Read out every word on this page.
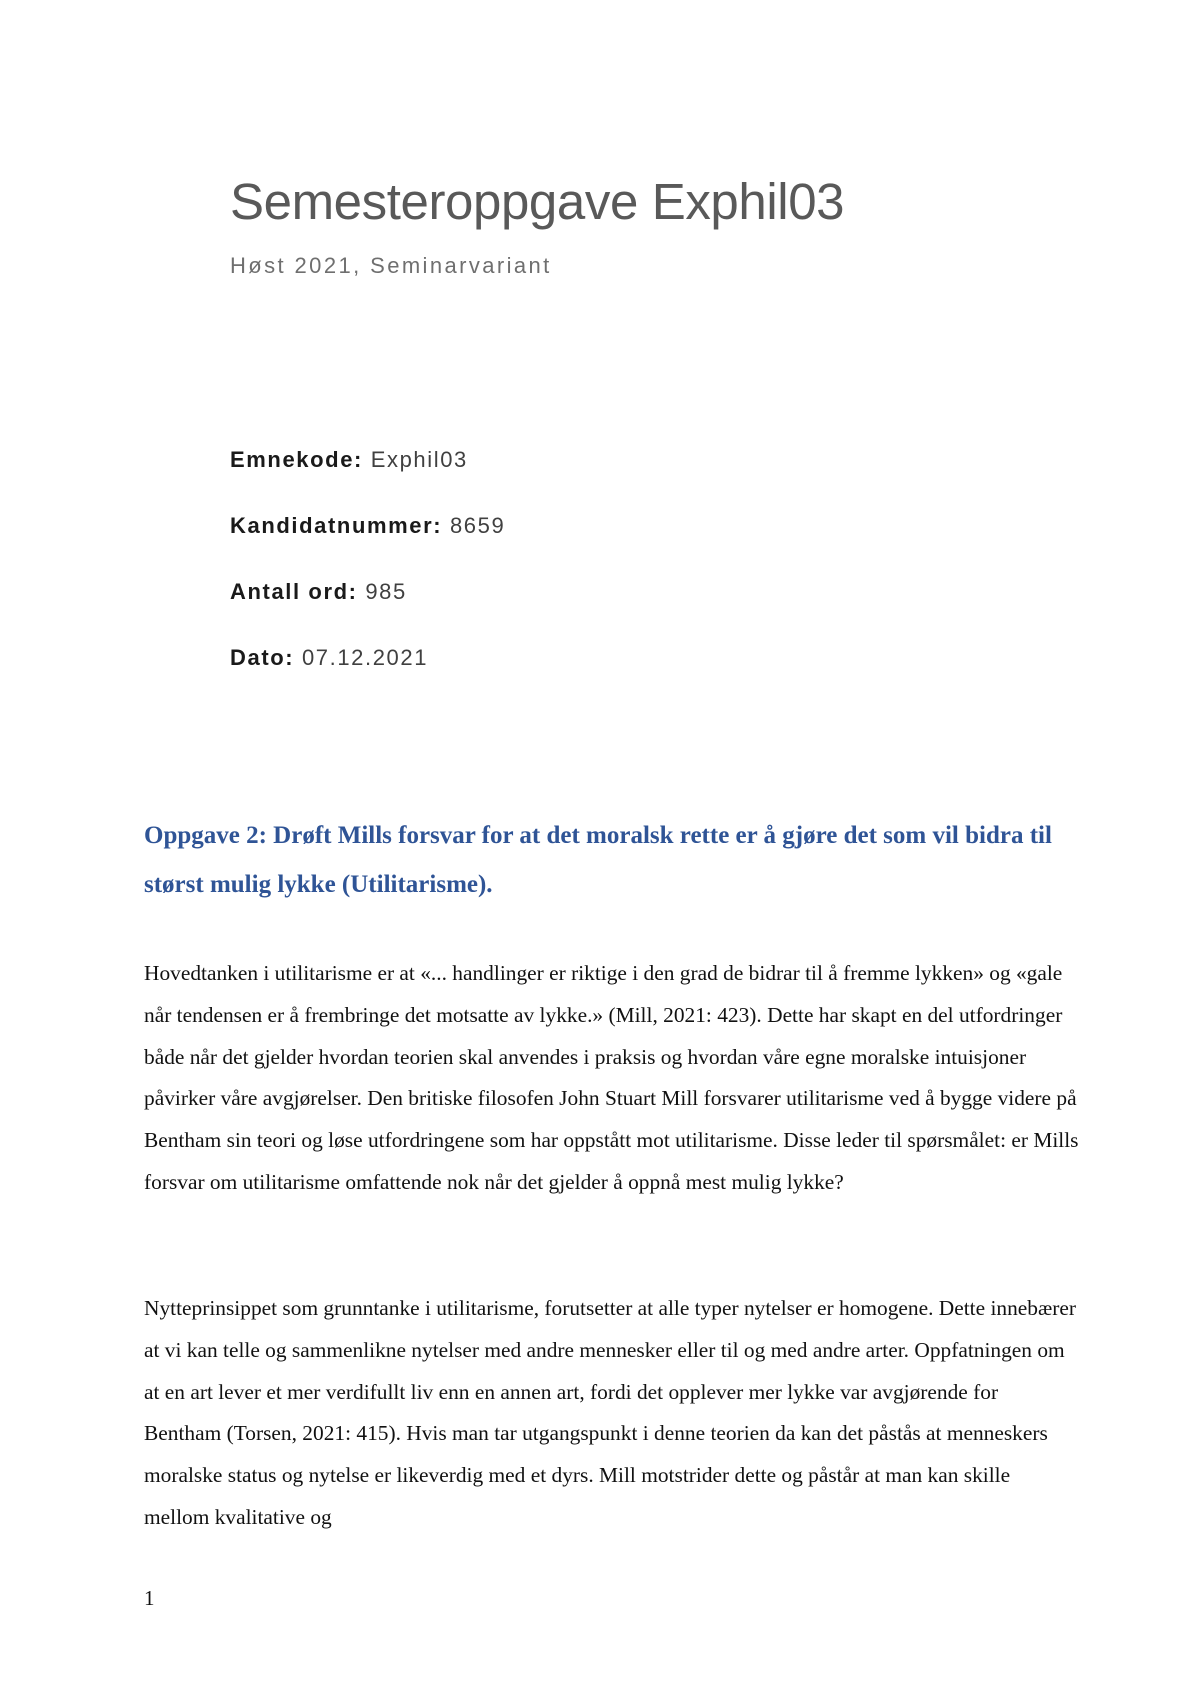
Semesteroppgave Exphil03
Høst 2021, Seminarvariant

Emnekode: Exphil03

Kandidatnummer: 8659

Antall ord: 985

Dato: 07.12.2021

Oppgave 2: Drøft Mills forsvar for at det moralsk rette er å gjøre det som vil bidra til størst mulig lykke (Utilitarisme).

Hovedtanken i utilitarisme er at «... handlinger er riktige i den grad de bidrar til å fremme lykken» og «gale når tendensen er å frembringe det motsatte av lykke.» (Mill, 2021: 423). Dette har skapt en del utfordringer både når det gjelder hvordan teorien skal anvendes i praksis og hvordan våre egne moralske intuisjoner påvirker våre avgjørelser. Den britiske filosofen John Stuart Mill forsvarer utilitarisme ved å bygge videre på Bentham sin teori og løse utfordringene som har oppstått mot utilitarisme. Disse leder til spørsmålet: er Mills forsvar om utilitarisme omfattende nok når det gjelder å oppnå mest mulig lykke?

Nytteprinsippet som grunntanke i utilitarisme, forutsetter at alle typer nytelser er homogene. Dette innebærer at vi kan telle og sammenlikne nytelser med andre mennesker eller til og med andre arter. Oppfatningen om at en art lever et mer verdifullt liv enn en annen art, fordi det opplever mer lykke var avgjørende for Bentham (Torsen, 2021: 415). Hvis man tar utgangspunkt i denne teorien da kan det påstås at menneskers moralske status og nytelse er likeverdig med et dyrs. Mill motstrider dette og påstår at man kan skille mellom kvalitative og

1
